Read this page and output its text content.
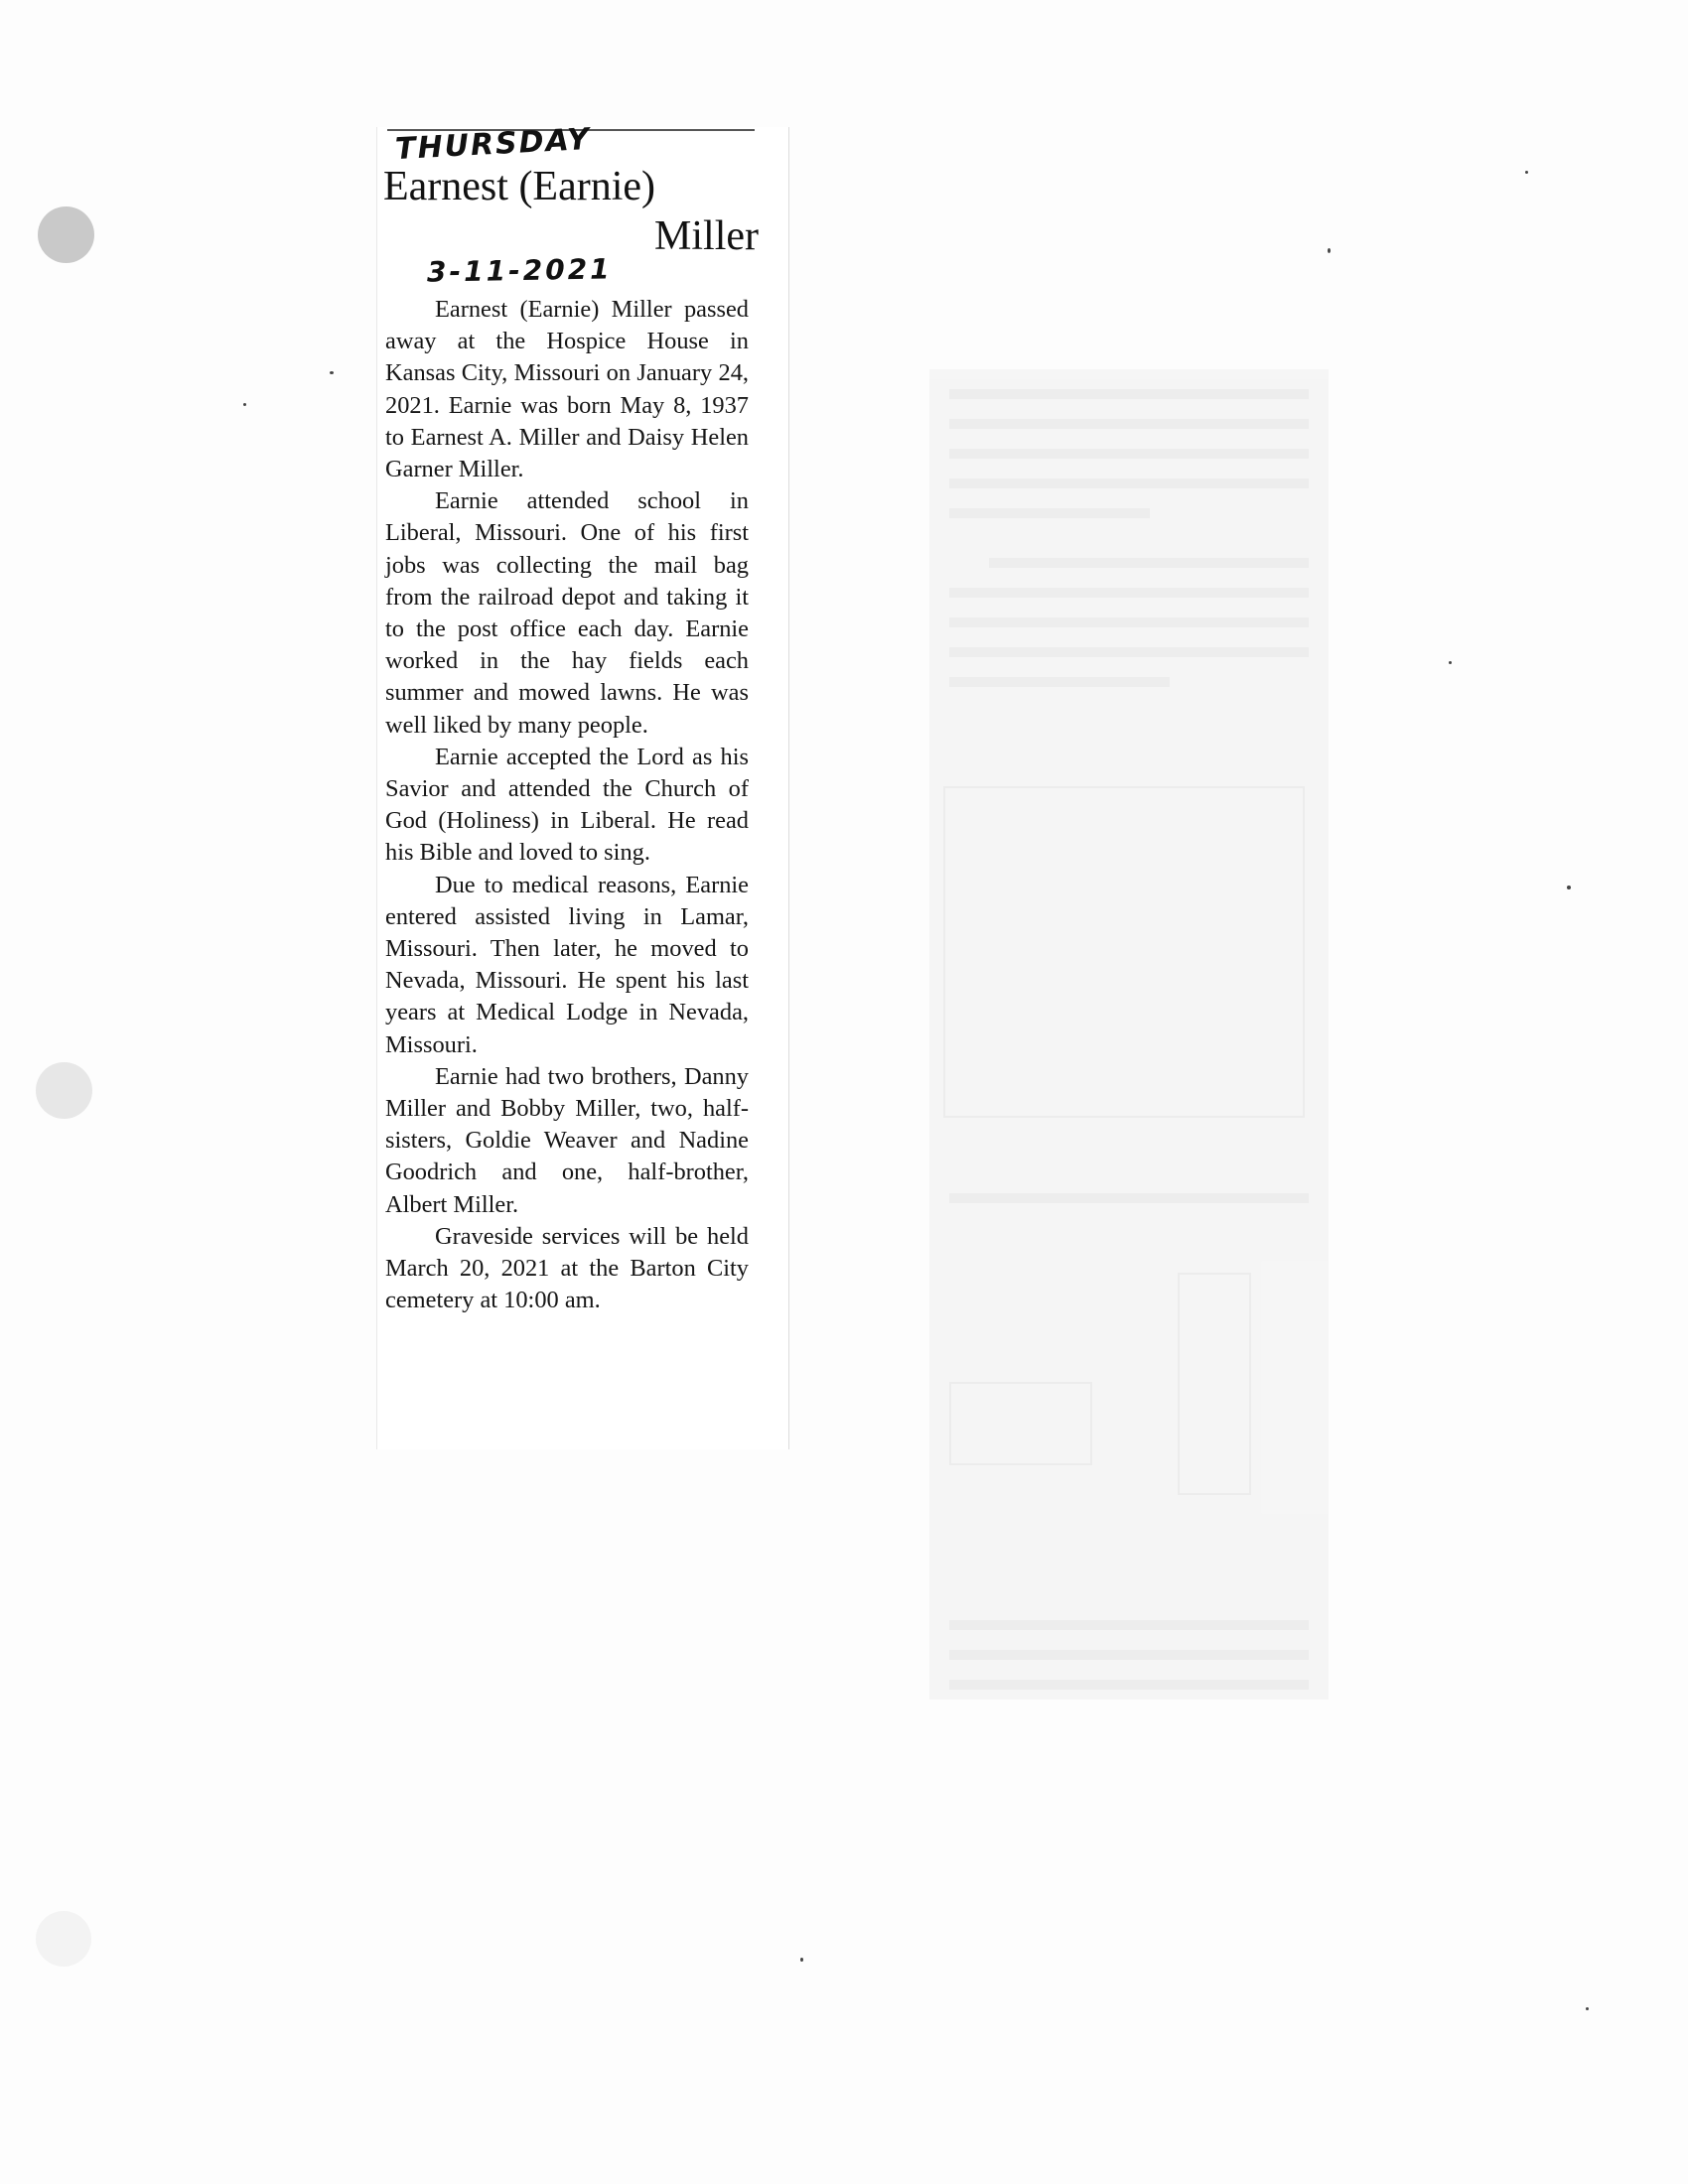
THURSDAY
Earnest (Earnie)
Miller
3-11-2021

Earnest (Earnie) Miller passed away at the Hospice House in Kansas City, Missouri on January 24, 2021. Earnie was born May 8, 1937 to Earnest A. Miller and Daisy Helen Garner Miller.

Earnie attended school in Liberal, Missouri. One of his first jobs was collecting the mail bag from the railroad depot and taking it to the post office each day. Earnie worked in the hay fields each summer and mowed lawns. He was well liked by many people.

Earnie accepted the Lord as his Savior and attended the Church of God (Holiness) in Liberal. He read his Bible and loved to sing.

Due to medical reasons, Earnie entered assisted living in Lamar, Missouri. Then later, he moved to Nevada, Missouri. He spent his last years at Medical Lodge in Nevada, Missouri.

Earnie had two brothers, Danny Miller and Bobby Miller, two, half-sisters, Goldie Weaver and Nadine Goodrich and one, half-brother, Albert Miller.

Graveside services will be held March 20, 2021 at the Barton City cemetery at 10:00 am.
